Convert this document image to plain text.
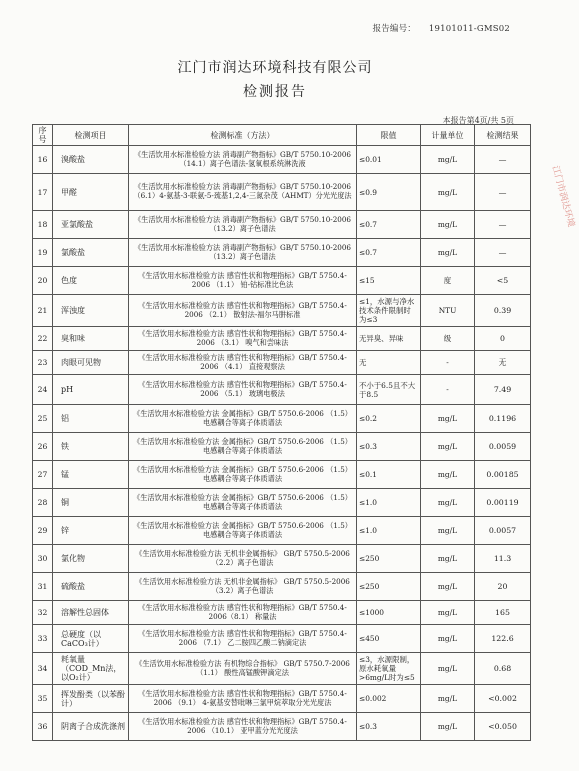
报告编号： 19101011-GMS02
江门市润达环境科技有限公司
检测报告
本报告第4页/共 5页
序号	检测项目	检测标准（方法）	限值	计量单位	检测结果
16	溴酸盐	《生活饮用水标准检验方法 消毒副产物指标》GB/T 5750.10-2006（14.1）离子色谱法-氢氧根系统淋洗液	≤0.01	mg/L	—
17	甲醛	《生活饮用水标准检验方法 消毒副产物指标》GB/T 5750.10-2006（6.1）4-氨基-3-联氨-5-巯基1,2,4-三氮杂茂（AHMT）分光光度法	≤0.9	mg/L	—
18	亚氯酸盐	《生活饮用水标准检验方法 消毒副产物指标》GB/T 5750.10-2006（13.2）离子色谱法	≤0.7	mg/L	—
19	氯酸盐	《生活饮用水标准检验方法 消毒副产物指标》GB/T 5750.10-2006（13.2）离子色谱法	≤0.7	mg/L	—
20	色度	《生活饮用水标准检验方法 感官性状和物理指标》GB/T 5750.4-2006 （1.1） 铂-钴标准比色法	≤15	度	<5
21	浑浊度	《生活饮用水标准检验方法 感官性状和物理指标》GB/T 5750.4-2006 （2.1） 散射法-福尔马肼标准	≤1，水源与净水技术条件限制时为≤3	NTU	0.39
22	臭和味	《生活饮用水标准检验方法 感官性状和物理指标》GB/T 5750.4-2006 （3.1） 嗅气和尝味法	无异臭、异味	级	0
23	肉眼可见物	《生活饮用水标准检验方法 感官性状和物理指标》GB/T 5750.4-2006 （4.1） 直接观察法	无	-	无
24	pH	《生活饮用水标准检验方法 感官性状和物理指标》GB/T 5750.4-2006 （5.1） 玻璃电极法	不小于6.5且不大于8.5	-	7.49
25	铝	《生活饮用水标准检验方法 金属指标》GB/T 5750.6-2006 （1.5） 电感耦合等离子体质谱法	≤0.2	mg/L	0.1196
26	铁	《生活饮用水标准检验方法 金属指标》GB/T 5750.6-2006 （1.5） 电感耦合等离子体质谱法	≤0.3	mg/L	0.0059
27	锰	《生活饮用水标准检验方法 金属指标》GB/T 5750.6-2006 （1.5） 电感耦合等离子体质谱法	≤0.1	mg/L	0.00185
28	铜	《生活饮用水标准检验方法 金属指标》GB/T 5750.6-2006 （1.5） 电感耦合等离子体质谱法	≤1.0	mg/L	0.00119
29	锌	《生活饮用水标准检验方法 金属指标》GB/T 5750.6-2006 （1.5） 电感耦合等离子体质谱法	≤1.0	mg/L	0.0057
30	氯化物	《生活饮用水标准检验方法 无机非金属指标》 GB/T 5750.5-2006（2.2）离子色谱法	≤250	mg/L	11.3
31	硫酸盐	《生活饮用水标准检验方法 无机非金属指标》 GB/T 5750.5-2006（3.2）离子色谱法	≤250	mg/L	20
32	溶解性总固体	《生活饮用水标准检验方法 感官性状和物理指标》GB/T 5750.4-2006（8.1） 称量法	≤1000	mg/L	165
33	总硬度（以CaCO₃计）	《生活饮用水标准检验方法 感官性状和物理指标》GB/T 5750.4-2006 （7.1） 乙二胺四乙酸二钠滴定法	≤450	mg/L	122.6
34	耗氧量（COD_Mn法，以O₂计）	《生活饮用水标准检验方法 有机物综合指标》 GB/T 5750.7-2006（1.1） 酸性高锰酸钾滴定法	≤3，水源限制，原水耗氧量>6mg/L时为≤5	mg/L	0.68
35	挥发酚类（以苯酚计）	《生活饮用水标准检验方法 感官性状和物理指标》GB/T 5750.4-2006 （9.1） 4-氨基安替吡啉三氯甲烷萃取分光光度法	≤0.002	mg/L	<0.002
36	阴离子合成洗涤剂	《生活饮用水标准检验方法 感官性状和物理指标》GB/T 5750.4-2006 （10.1） 亚甲蓝分光光度法	≤0.3	mg/L	<0.050
江门市润达环境
